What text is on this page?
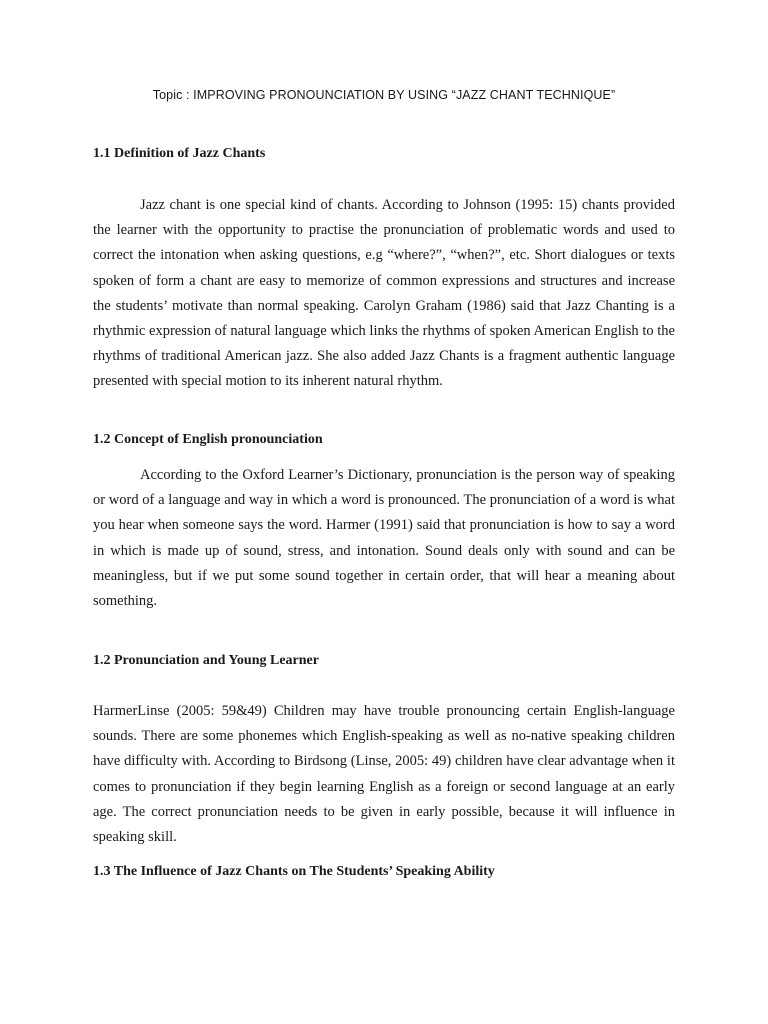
Topic : IMPROVING PRONOUNCIATION BY USING “JAZZ CHANT TECHNIQUE”
1.1 Definition of Jazz Chants

Jazz chant is one special kind of chants. According to Johnson (1995: 15) chants provided the learner with the opportunity to practise the pronunciation of problematic words and used to correct the intonation when asking questions, e.g “where?”, “when?”, etc. Short dialogues or texts spoken of form a chant are easy to memorize of common expressions and structures and increase the students’ motivate than normal speaking. Carolyn Graham (1986) said that Jazz Chanting is a rhythmic expression of natural language which links the rhythms of spoken American English to the rhythms of traditional American jazz. She also added Jazz Chants is a fragment authentic language presented with special motion to its inherent natural rhythm.

1.2 Concept of English pronounciation

According to the Oxford Learner’s Dictionary, pronunciation is the person way of speaking or word of a language and way in which a word is pronounced. The pronunciation of a word is what you hear when someone says the word. Harmer (1991) said that pronunciation is how to say a word in which is made up of sound, stress, and intonation. Sound deals only with sound and can be meaningless, but if we put some sound together in certain order, that will hear a meaning about something.

1.2 Pronunciation and Young Learner

HarmerLinse (2005: 59&49) Children may have trouble pronouncing certain English-language sounds. There are some phonemes which English-speaking as well as no-native speaking children have difficulty with. According to Birdsong (Linse, 2005: 49) children have clear advantage when it comes to pronunciation if they begin learning English as a foreign or second language at an early age. The correct pronunciation needs to be given in early possible, because it will influence in speaking skill.

1.3 The Influence of Jazz Chants on The Students’ Speaking Ability
